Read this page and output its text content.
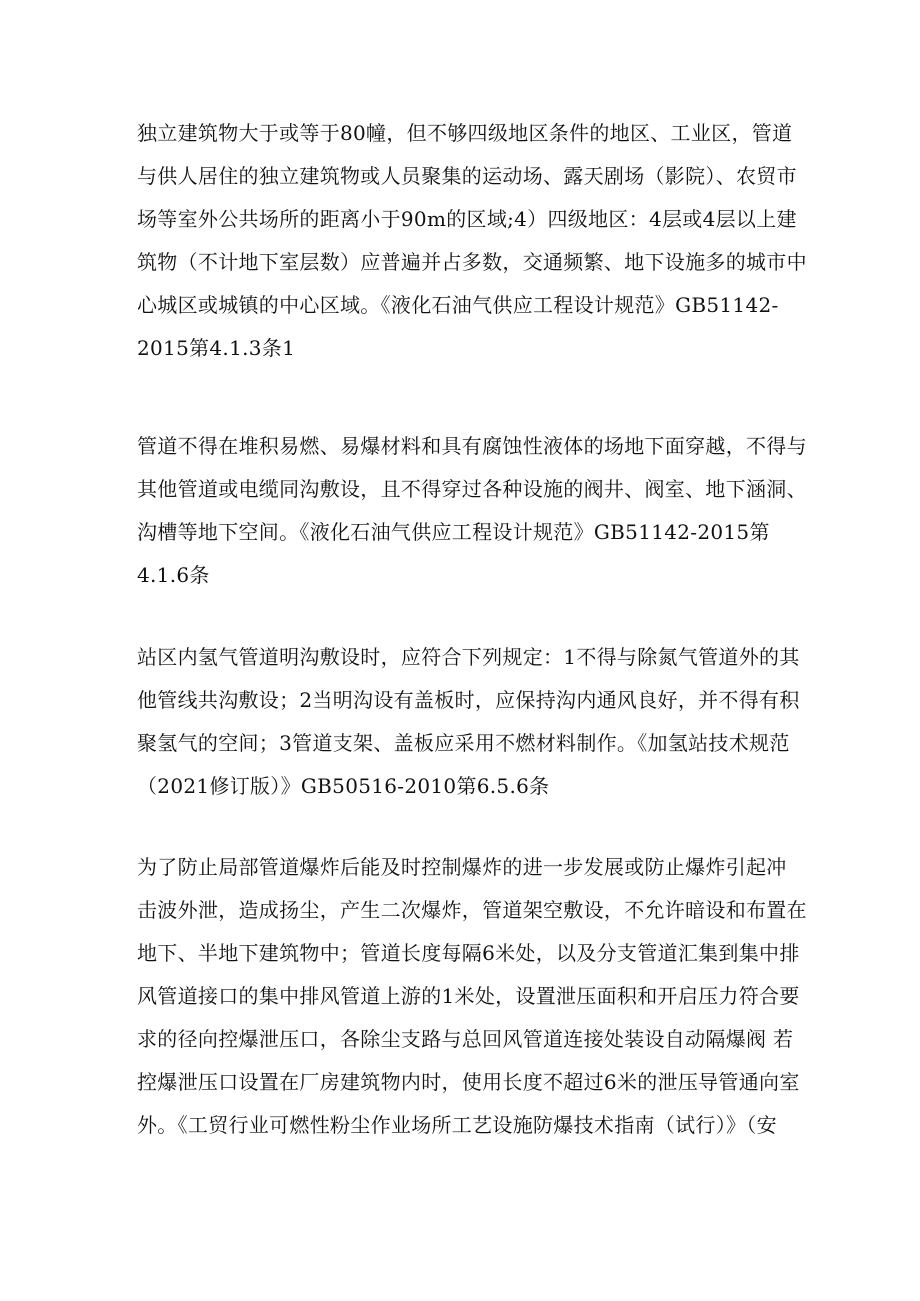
独立建筑物大于或等于80幢，但不够四级地区条件的地区、工业区，管道
与供人居住的独立建筑物或人员聚集的运动场、露天剧场（影院）、农贸市
场等室外公共场所的距离小于90m的区域;4）四级地区：4层或4层以上建
筑物（不计地下室层数）应普遍并占多数，交通频繁、地下设施多的城市中
心城区或城镇的中心区域。《液化石油气供应工程设计规范》GB51142-
2015第4.1.3条1
管道不得在堆积易燃、易爆材料和具有腐蚀性液体的场地下面穿越，不得与
其他管道或电缆同沟敷设，且不得穿过各种设施的阀井、阀室、地下涵洞、
沟槽等地下空间。《液化石油气供应工程设计规范》GB51142-2015第
4.1.6条
站区内氢气管道明沟敷设时，应符合下列规定：1不得与除氮气管道外的其
他管线共沟敷设；2当明沟设有盖板时，应保持沟内通风良好，并不得有积
聚氢气的空间；3管道支架、盖板应采用不燃材料制作。《加氢站技术规范
（2021修订版）》GB50516-2010第6.5.6条
为了防止局部管道爆炸后能及时控制爆炸的进一步发展或防止爆炸引起冲
击波外泄，造成扬尘，产生二次爆炸，管道架空敷设，不允许暗设和布置在
地下、半地下建筑物中；管道长度每隔6米处，以及分支管道汇集到集中排
风管道接口的集中排风管道上游的1米处，设置泄压面积和开启压力符合要
求的径向控爆泄压口，各除尘支路与总回风管道连接处装设自动隔爆阀 若
控爆泄压口设置在厂房建筑物内时，使用长度不超过6米的泄压导管通向室
外。《工贸行业可燃性粉尘作业场所工艺设施防爆技术指南（试行）》（安
